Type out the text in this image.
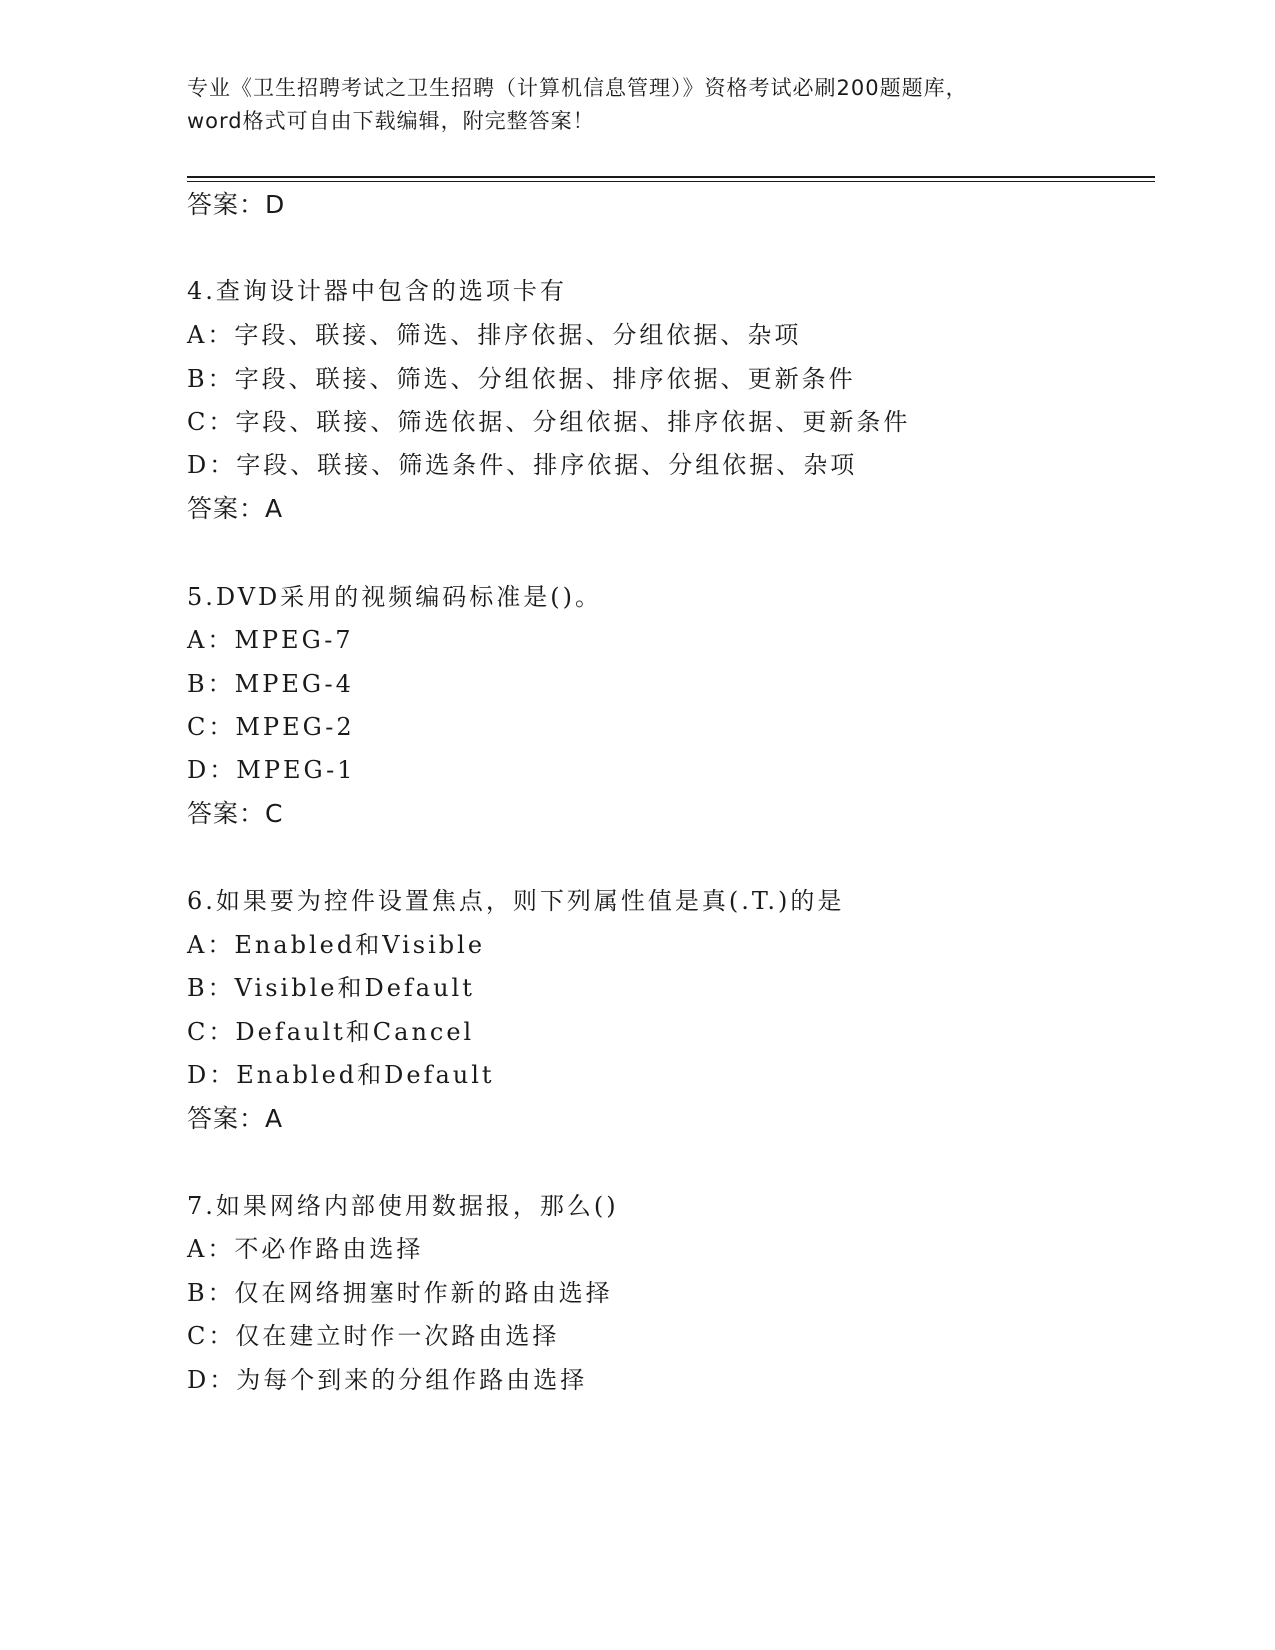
专业《卫生招聘考试之卫生招聘（计算机信息管理）》资格考试必刷200题题库，
word格式可自由下载编辑，附完整答案！
答案：D
4.查询设计器中包含的选项卡有
A：字段、联接、筛选、排序依据、分组依据、杂项
B：字段、联接、筛选、分组依据、排序依据、更新条件
C：字段、联接、筛选依据、分组依据、排序依据、更新条件
D：字段、联接、筛选条件、排序依据、分组依据、杂项
答案：A
5.DVD采用的视频编码标准是()。
A：MPEG-7
B：MPEG-4
C：MPEG-2
D：MPEG-1
答案：C
6.如果要为控件设置焦点，则下列属性值是真(.T.)的是
A：Enabled和Visible
B：Visible和Default
C：Default和Cancel
D：Enabled和Default
答案：A
7.如果网络内部使用数据报，那么()
A：不必作路由选择
B：仅在网络拥塞时作新的路由选择
C：仅在建立时作一次路由选择
D：为每个到来的分组作路由选择
